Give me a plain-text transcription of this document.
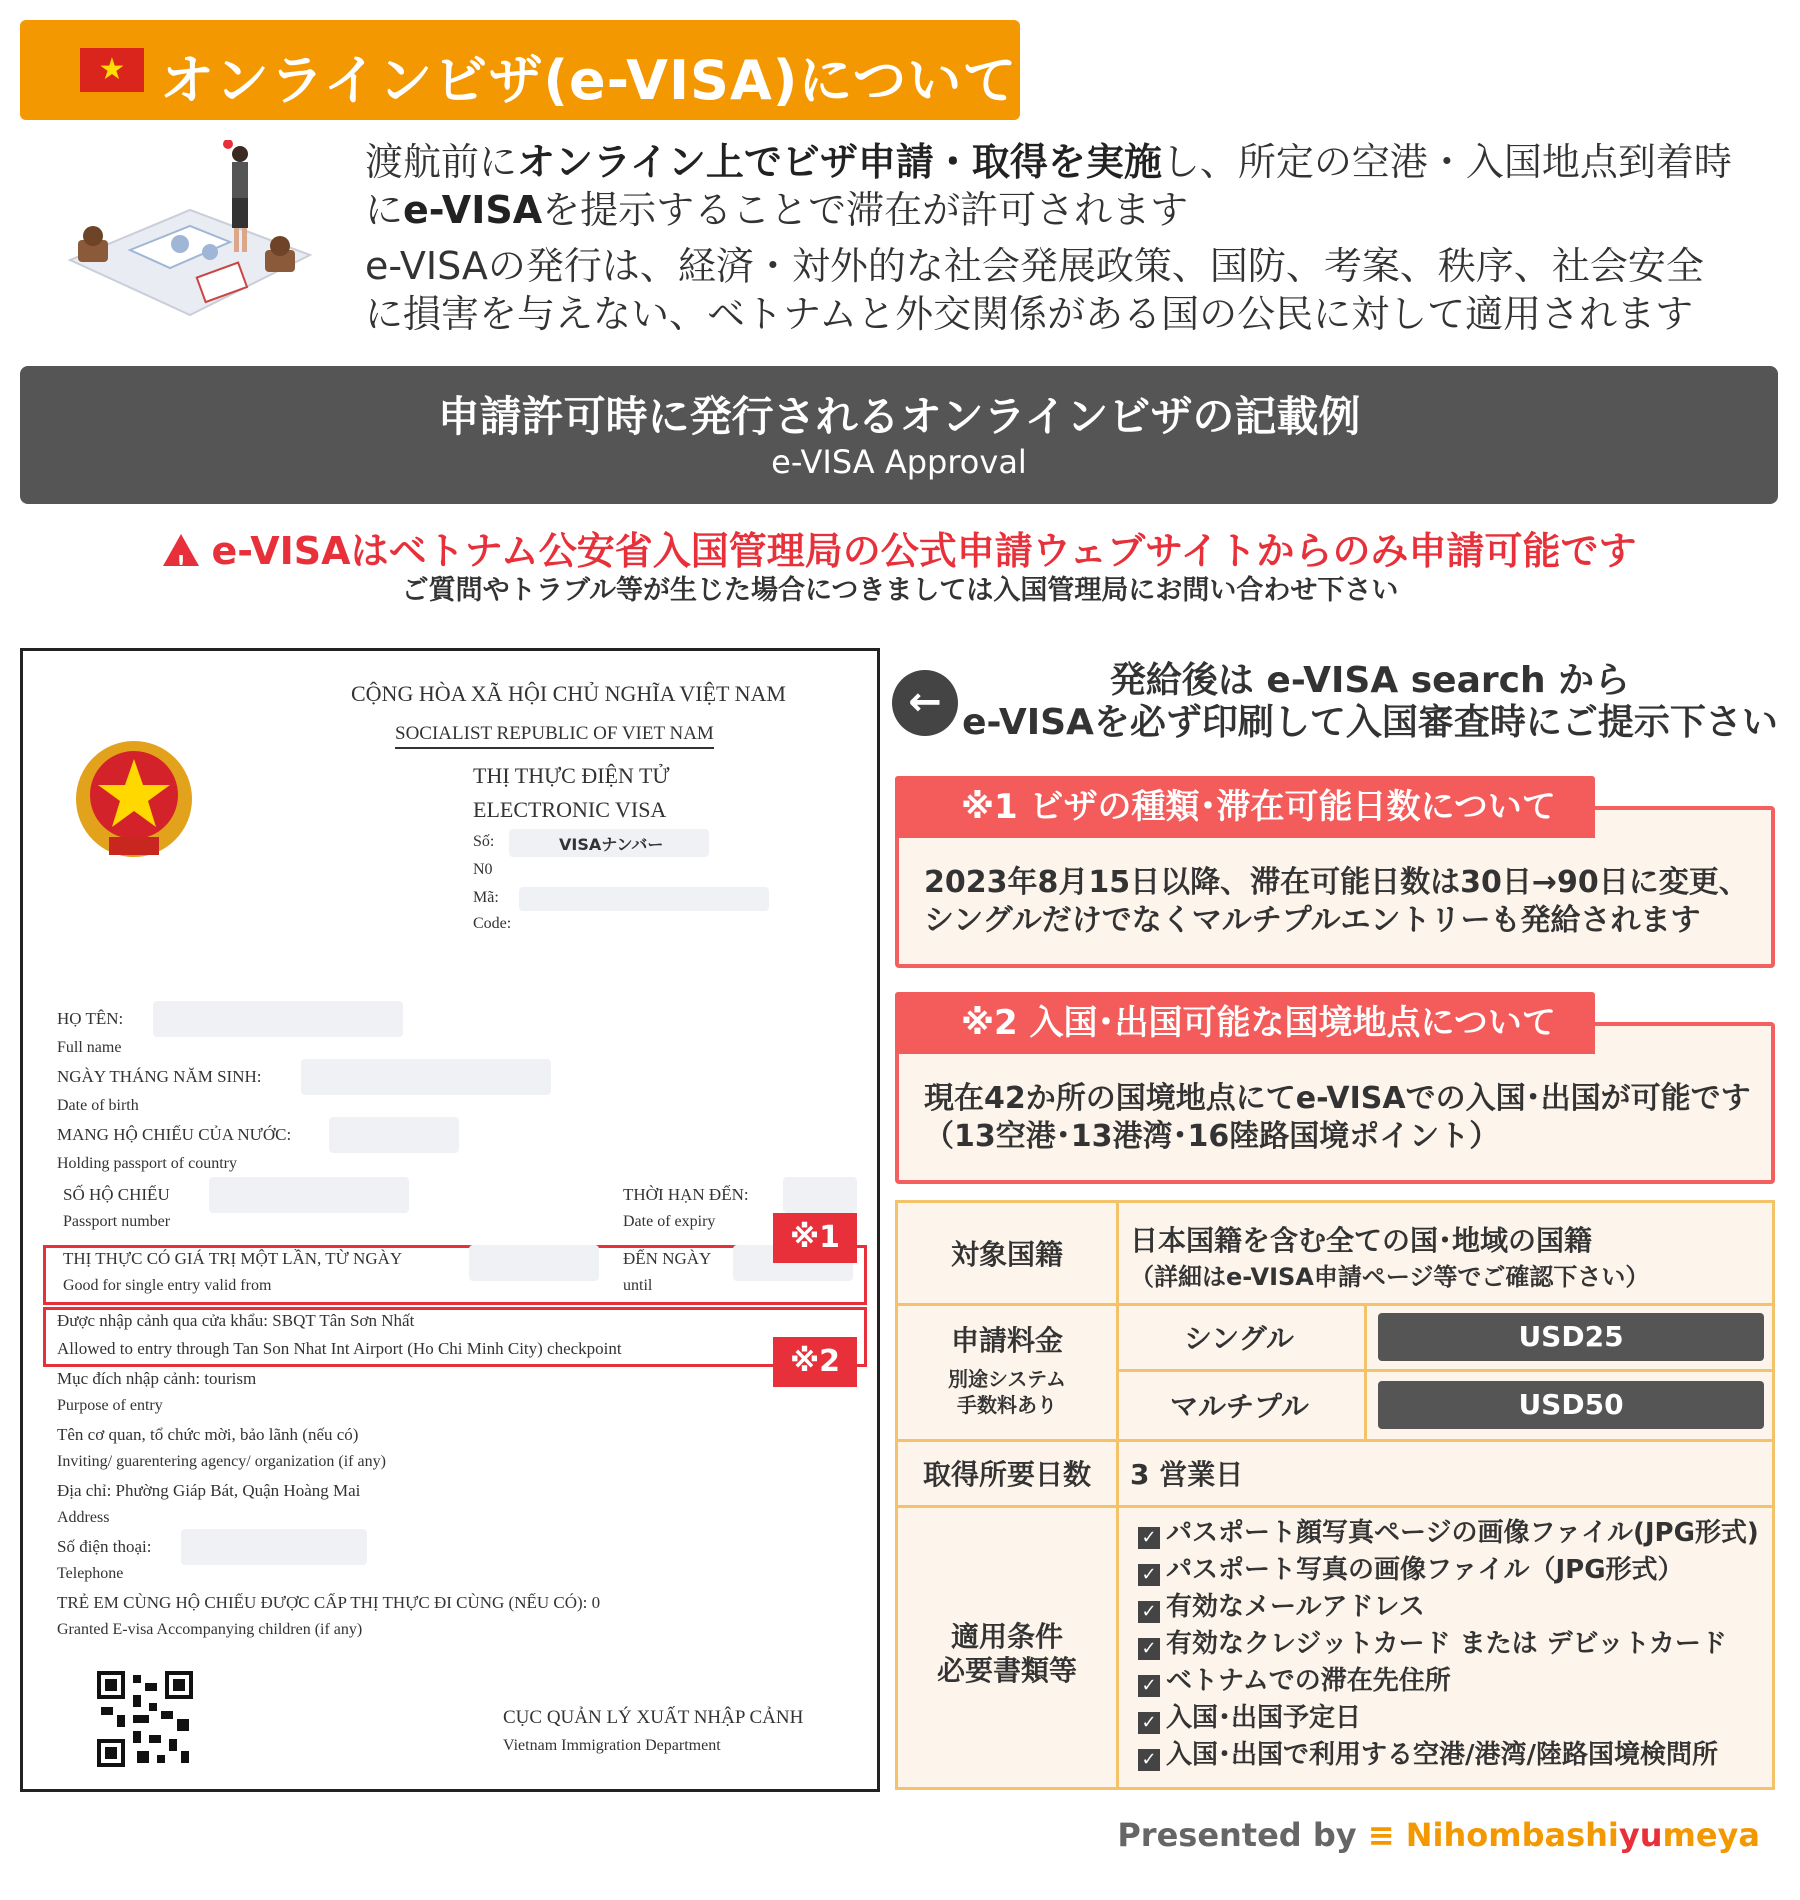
★ オンラインビザ(e-VISA)について

渡航前にオンライン上でビザ申請・取得を実施し、所定の空港・入国地点到着時

にe-VISAを提示することで滞在が許可されます

e-VISAの発行は、経済・対外的な社会発展政策、国防、考案、秩序、社会安全

に損害を与えない、ベトナムと外交関係がある国の公民に対して適用されます

申請許可時に発行されるオンラインビザの記載例
e-VISA Approval
! e-VISAはベトナム公安省入国管理局の公式申請ウェブサイトからのみ申請可能です
ご質問やトラブル等が生じた場合につきましては入国管理局にお問い合わせ下さい
CỘNG HÒA XÃ HỘI CHỦ NGHĨA VIỆT NAM
SOCIALIST REPUBLIC OF VIET NAM
THỊ THỰC ĐIỆN TỬ
ELECTRONIC VISA
Số:	VISAナンバー
N0
Mã:
Code:
HỌ TÊN:
Full name
NGÀY THÁNG NĂM SINH:
Date of birth
MANG HỘ CHIẾU CỦA NƯỚC:
Holding passport of country
SỐ HỘ CHIẾU
Passport number
THỜI HẠN ĐẾN:
Date of expiry
THỊ THỰC CÓ GIÁ TRỊ MỘT LẦN, TỪ NGÀY
Good for single entry valid from
ĐẾN NGÀY
until
※1
Được nhập cảnh qua cửa khẩu: SBQT Tân Sơn Nhất
Allowed to entry through Tan Son Nhat Int Airport (Ho Chi Minh City) checkpoint	※2
Mục đích nhập cảnh: tourism
Purpose of entry
Tên cơ quan, tổ chức mời, bảo lãnh (nếu có)
Inviting/ guarentering agency/ organization (if any)
Địa chỉ: Phường Giáp Bát, Quận Hoàng Mai
Address
Số điện thoại:
Telephone
TRẺ EM CÙNG HỘ CHIẾU ĐƯỢC CẤP THỊ THỰC ĐI CÙNG (NẾU CÓ): 0
Granted E-visa Accompanying children (if any)
CỤC QUẢN LÝ XUẤT NHẬP CẢNH
Vietnam Immigration Department
←	発給後は e-VISA search から
e-VISAを必ず印刷して入国審査時にご提示下さい
※1 ビザの種類･滞在可能日数について
2023年8月15日以降、滞在可能日数は30日→90日に変更、
シングルだけでなくマルチプルエントリーも発給されます
※2 入国･出国可能な国境地点について
現在42か所の国境地点にてe-VISAでの入国･出国が可能です
（13空港･13港湾･16陸路国境ポイント）
対象国籍	日本国籍を含む全ての国･地域の国籍
（詳細はe-VISA申請ページ等でご確認下さい）
申請料金
別途システム
手数料あり
シングル	USD25
マルチプル	USD50
取得所要日数	3 営業日
適用条件
必要書類等
✓ パスポート顔写真ページの画像ファイル(JPG形式)
✓ パスポート写真の画像ファイル（JPG形式）
✓ 有効なメールアドレス
✓ 有効なクレジットカード または デビットカード
✓ ベトナムでの滞在先住所
✓ 入国･出国予定日
✓ 入国･出国で利用する空港/港湾/陸路国境検問所
Presented by ≡ Nihombashiyumeya
